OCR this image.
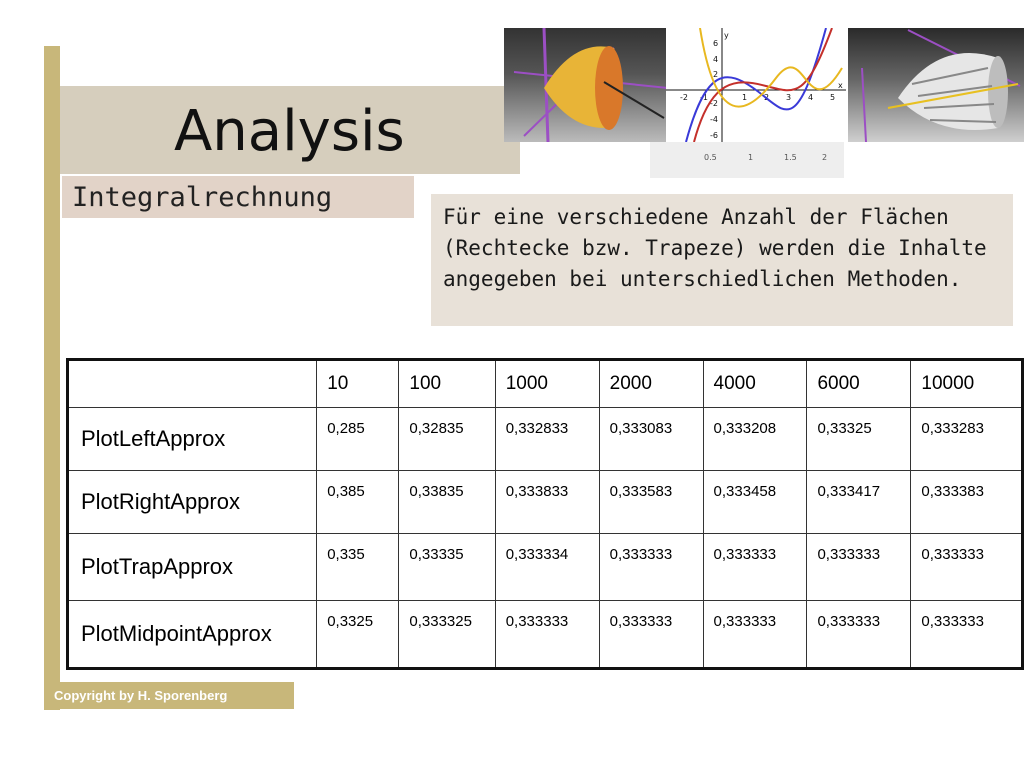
Analysis	0.5	1	1.5	2
y
x
6
4
2
-2
-4
-6
-2 -1	1 2 3 4 5
Integralrechnung
Für eine verschiedene Anzahl der Flächen (Rechtecke bzw. Trapeze) werden die Inhalte angegeben bei unterschiedlichen Methoden.
	10	100	1000	2000	4000	6000	10000
PlotLeftApprox	0,285	0,32835	0,332833	0,333083	0,333208	0,33325	0,333283
PlotRightApprox	0,385	0,33835	0,333833	0,333583	0,333458	0,333417	0,333383
PlotTrapApprox	0,335	0,33335	0,333334	0,333333	0,333333	0,333333	0,333333
PlotMidpointApprox	0,3325	0,333325	0,333333	0,333333	0,333333	0,333333	0,333333
Copyright by H. Sporenberg
